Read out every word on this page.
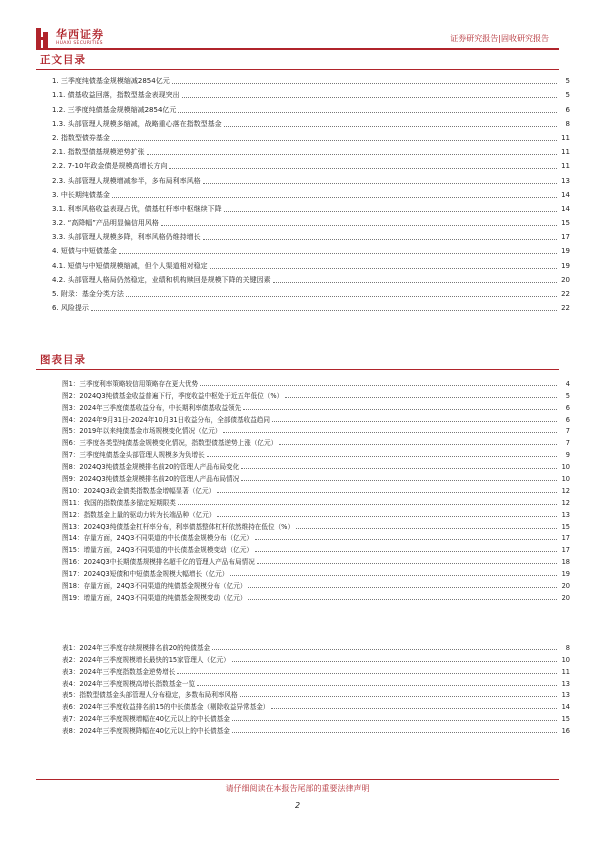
华西证券
HUAXI SECURITIES
证券研究报告|固收研究报告
正文目录
1. 三季度纯债基金规模缩减2854亿元	5
1.1. 债基收益回落，指数型基金表现突出	5
1.2. 三季度纯债基金规模缩减2854亿元	6
1.3. 头部管理人规模多缩减，战略重心落在指数型基金	8
2. 指数型债券基金	11
2.1. 指数型债基规模逆势扩张	11
2.2. 7-10年政金债是规模高增长方向	11
2.3. 头部管理人规模增减参半，多布局利率风格	13
3. 中长期纯债基金	14
3.1. 利率风格收益表现占优，债基杠杆率中枢继续下降	14
3.2. “高降幅”产品明显偏信用风格	15
3.3. 头部管理人规模多降，利率风格仍维持增长	17
4. 短债与中短债基金	19
4.1. 短债与中短债规模缩减，但个人渠道相对稳定	19
4.2. 头部管理人格局仍然稳定，业绩和机构赎回是规模下降的关键因素	20
5. 附录：基金分类方法	22
6. 风险提示	22
图表目录
图1：三季度利率策略较信用策略存在更大优势	4
图2：2024Q3纯债基金收益普遍下行，季度收益中枢处于近五年低位（%）	5
图3：2024年三季度债基收益分布，中长期利率债基收益领先	6
图4：2024年9月31日-2024年10月31日收益分布，全部债基收益趋同	6
图5：2019年以来纯债基金市场规模变化情况（亿元）	7
图6：三季度各类型纯债基金规模变化情况，指数型债基逆势上涨（亿元）	7
图7：三季度纯债基金头部管理人规模多为负增长	9
图8：2024Q3纯债基金规模排名前20的管理人产品布局变化	10
图9：2024Q3纯债基金规模排名前20的管理人产品布局情况	10
图10：2024Q3政金债类指数基金增幅显著（亿元）	12
图11：我国的指数债基多锚定短期限类	12
图12：指数基金上量的驱动力转为长端品种（亿元）	13
图13：2024Q3纯债基金杠杆率分布，利率债基整体杠杆依然维持在低位（%）	15
图14：存量方面，24Q3不同渠道的中长债基金规模分布（亿元）	17
图15：增量方面，24Q3不同渠道的中长债基金规模变动（亿元）	17
图16：2024Q3中长期债基规模排名超千亿的管理人产品布局情况	18
图17：2024Q3短债和中短债基金规模大幅增长（亿元）	19
图18：存量方面，24Q3不同渠道的纯债基金规模分布（亿元）	20
图19：增量方面，24Q3不同渠道的纯债基金规模变动（亿元）	20
表1：2024年三季度存续规模排名前20的纯债基金	8
表2：2024年三季度规模增长最快的15家管理人（亿元）	10
表3：2024年三季度指数基金逆势增长	11
表4：2024年三季度规模高增长指数基金一览	13
表5：指数型债基金头部管理人分布稳定，多数布局利率风格	13
表6：2024年三季度收益排名前15的中长债基金（剔除收益异常基金）	14
表7：2024年三季度规模增幅在40亿元以上的中长债基金	15
表8：2024年三季度规模降幅在40亿元以上的中长债基金	16
请仔细阅读在本报告尾部的重要法律声明
2
